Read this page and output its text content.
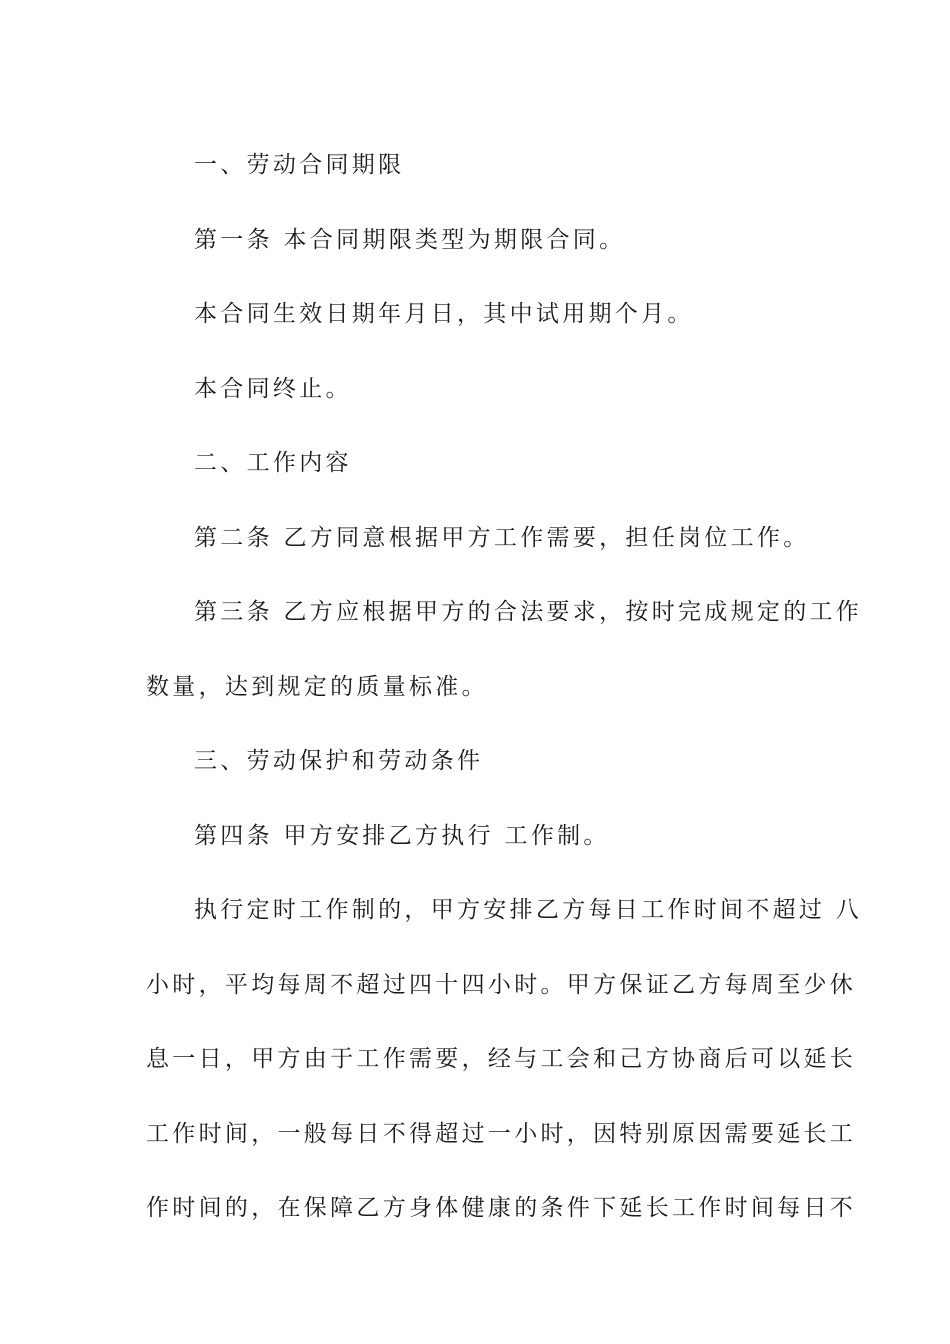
一、劳动合同期限

第一条 本合同期限类型为期限合同。

本合同生效日期年月日，其中试用期个月。

本合同终止。

二、工作内容

第二条 乙方同意根据甲方工作需要，担任岗位工作。

第三条 乙方应根据甲方的合法要求，按时完成规定的工作

数量，达到规定的质量标准。

三、劳动保护和劳动条件

第四条 甲方安排乙方执行 工作制。

执行定时工作制的，甲方安排乙方每日工作时间不超过 八

小时，平均每周不超过四十四小时。甲方保证乙方每周至少休

息一日，甲方由于工作需要，经与工会和己方协商后可以延长

工作时间，一般每日不得超过一小时，因特别原因需要延长工

作时间的，在保障乙方身体健康的条件下延长工作时间每日不
